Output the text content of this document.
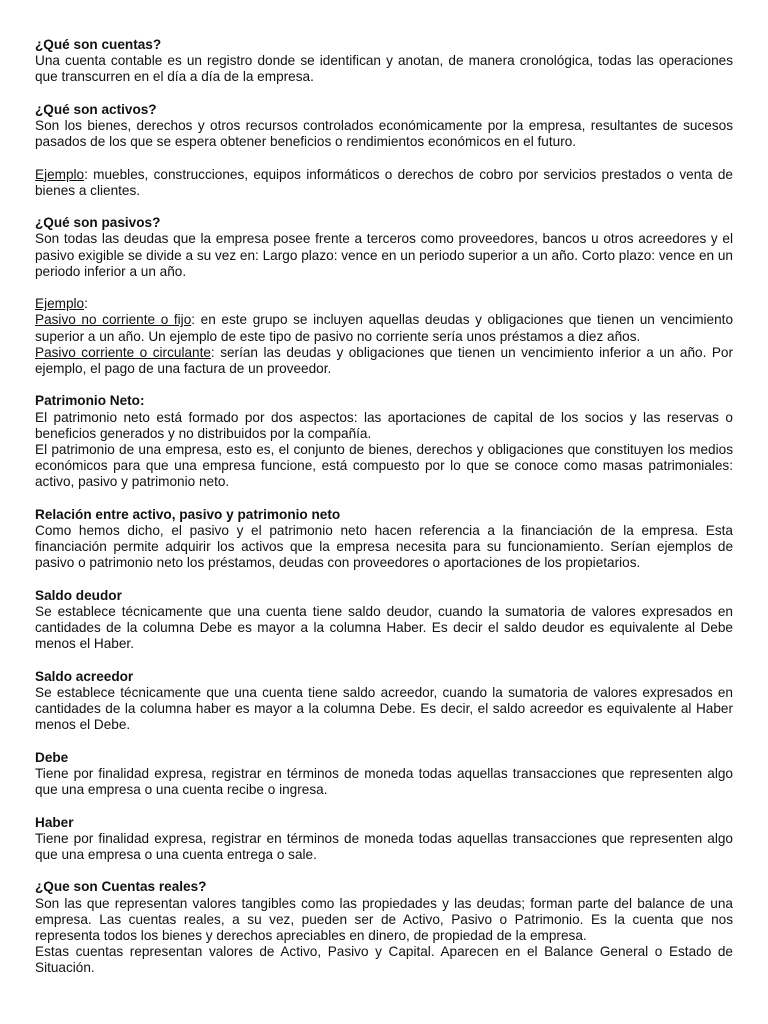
¿Qué son cuentas?

Una cuenta contable es un registro donde se identifican y anotan, de manera cronológica, todas las operaciones que transcurren en el día a día de la empresa.

¿Qué son activos?

Son los bienes, derechos y otros recursos controlados económicamente por la empresa, resultantes de sucesos pasados de los que se espera obtener beneficios o rendimientos económicos en el futuro.

Ejemplo: muebles, construcciones, equipos informáticos o derechos de cobro por servicios prestados o venta de bienes a clientes.

¿Qué son pasivos?

Son todas las deudas que la empresa posee frente a terceros como proveedores, bancos u otros acreedores y el pasivo exigible se divide a su vez en: Largo plazo: vence en un periodo superior a un año. Corto plazo: vence en un periodo inferior a un año.

Ejemplo:

Pasivo no corriente o fijo: en este grupo se incluyen aquellas deudas y obligaciones que tienen un vencimiento superior a un año. Un ejemplo de este tipo de pasivo no corriente sería unos préstamos a diez años.

Pasivo corriente o circulante: serían las deudas y obligaciones que tienen un vencimiento inferior a un año. Por ejemplo, el pago de una factura de un proveedor.

Patrimonio Neto:

El patrimonio neto está formado por dos aspectos: las aportaciones de capital de los socios y las reservas o beneficios generados y no distribuidos por la compañía.

El patrimonio de una empresa, esto es, el conjunto de bienes, derechos y obligaciones que constituyen los medios económicos para que una empresa funcione, está compuesto por lo que se conoce como masas patrimoniales: activo, pasivo y patrimonio neto.

Relación entre activo, pasivo y patrimonio neto

Como hemos dicho, el pasivo y el patrimonio neto hacen referencia a la financiación de la empresa. Esta financiación permite adquirir los activos que la empresa necesita para su funcionamiento. Serían ejemplos de pasivo o patrimonio neto los préstamos, deudas con proveedores o aportaciones de los propietarios.

Saldo deudor

Se establece técnicamente que una cuenta tiene saldo deudor, cuando la sumatoria de valores expresados en cantidades de la columna Debe es mayor a la columna Haber. Es decir el saldo deudor es equivalente al Debe menos el Haber.

Saldo acreedor

Se establece técnicamente que una cuenta tiene saldo acreedor, cuando la sumatoria de valores expresados en cantidades de la columna haber es mayor a la columna Debe. Es decir, el saldo acreedor es equivalente al Haber menos el Debe.

Debe

Tiene por finalidad expresa, registrar en términos de moneda todas aquellas transacciones que representen algo que una empresa o una cuenta recibe o ingresa.

Haber

Tiene por finalidad expresa, registrar en términos de moneda todas aquellas transacciones que representen algo que una empresa o una cuenta entrega o sale.

¿Que son Cuentas reales?

Son las que representan valores tangibles como las propiedades y las deudas; forman parte del balance de una empresa. Las cuentas reales, a su vez, pueden ser de Activo, Pasivo o Patrimonio. Es la cuenta que nos representa todos los bienes y derechos apreciables en dinero, de propiedad de la empresa.

Estas cuentas representan valores de Activo, Pasivo y Capital. Aparecen en el Balance General o Estado de Situación.
